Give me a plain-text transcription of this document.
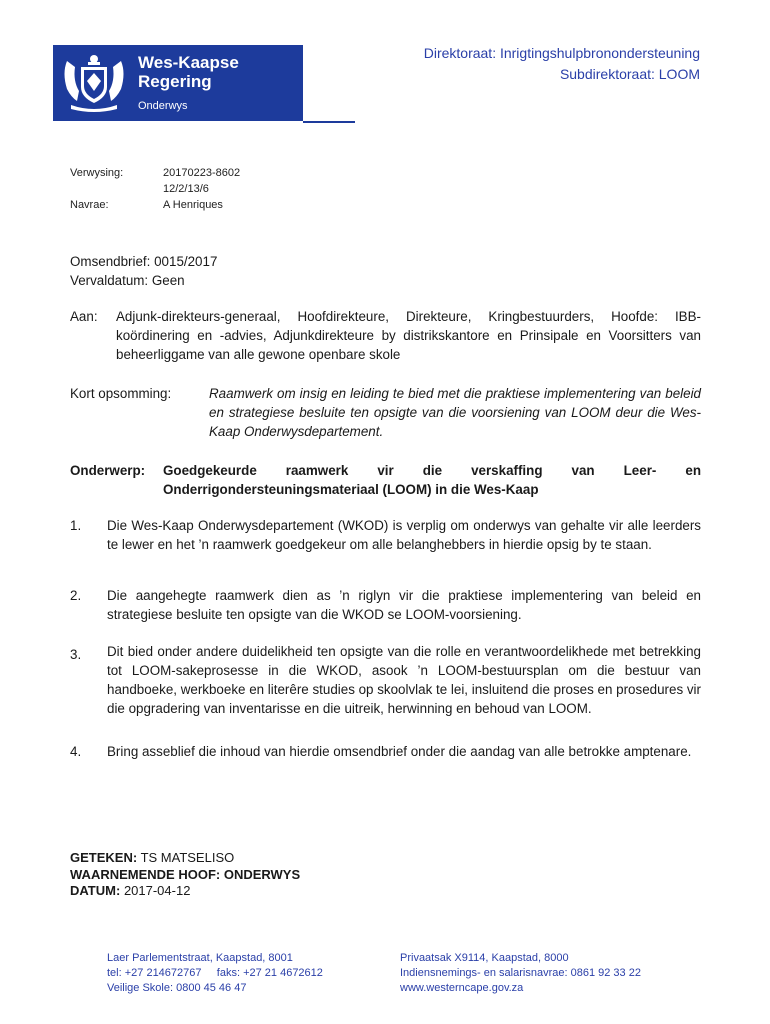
Wes-Kaapse
Regering
Onderwys
Direktoraat: Inrigtingshulpbronondersteuning
Subdirektoraat: LOOM
Verwysing:	20170223-8602
12/2/13/6
Navrae:	A Henriques
Omsendbrief: 0015/2017
Vervaldatum: Geen
Aan: Adjunk-direkteurs-generaal, Hoofdirekteure, Direkteure, Kringbestuurders, Hoofde: IBB-koördinering en -advies, Adjunkdirekteure by distrikskantore en Prinsipale en Voorsitters van beheerliggame van alle gewone openbare skole
Kort opsomming:	Raamwerk om insig en leiding te bied met die praktiese implementering van beleid en strategiese besluite ten opsigte van die voorsiening van LOOM deur die Wes-Kaap Onderwysdepartement.
Onderwerp: Goedgekeurde raamwerk vir die verskaffing van Leer- en
Onderrigondersteuningsmateriaal (LOOM) in die Wes-Kaap
1. Die Wes-Kaap Onderwysdepartement (WKOD) is verplig om onderwys van gehalte vir alle leerders te lewer en het ’n raamwerk goedgekeur om alle belanghebbers in hierdie opsig by te staan.
2. Die aangehegte raamwerk dien as ’n riglyn vir die praktiese implementering van beleid en strategiese besluite ten opsigte van die WKOD se LOOM-voorsiening.
3. Dit bied onder andere duidelikheid ten opsigte van die rolle en verantwoordelikhede met betrekking tot LOOM-sakeprosesse in die WKOD, asook ’n LOOM-bestuursplan om die bestuur van handboeke, werkboeke en literêre studies op skoolvlak te lei, insluitend die proses en prosedures vir die opgradering van inventarisse en die uitreik, herwinning en behoud van LOOM.
4. Bring asseblief die inhoud van hierdie omsendbrief onder die aandag van alle betrokke amptenare.
GETEKEN: TS MATSELISO
WAARNEMENDE HOOF: ONDERWYS
DATUM: 2017-04-12
Laer Parlementstraat, Kaapstad, 8001
tel: +27 214672767     faks: +27 21 4672612
Veilige Skole: 0800 45 46 47
Privaatsak X9114, Kaapstad, 8000
Indiensnemings- en salarisnavrae: 0861 92 33 22
www.westerncape.gov.za
